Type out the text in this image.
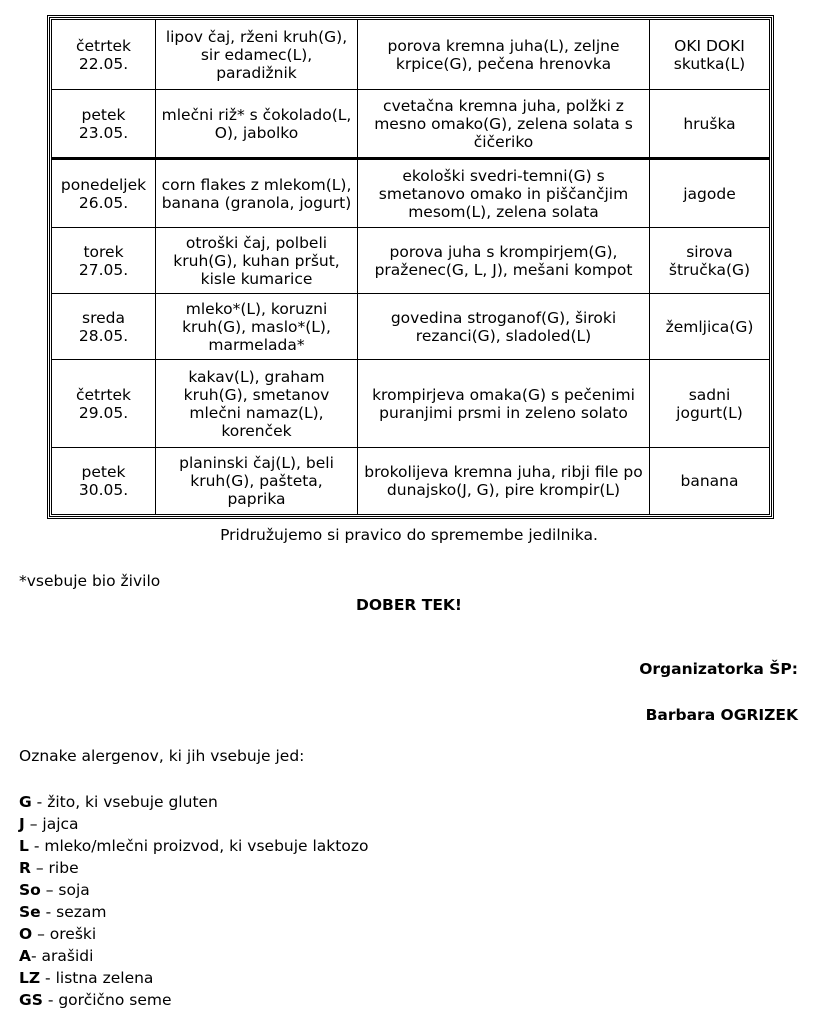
četrtek
22.05.	lipov čaj, rženi kruh(G), sir edamec(L), paradižnik	porova kremna juha(L), zeljne krpice(G), pečena hrenovka	OKI DOKI skutka(L)

petek
23.05.	mlečni riž* s čokolado(L, O), jabolko	cvetačna kremna juha, polžki z mesno omako(G), zelena solata s čičeriko	hruška

ponedeljek
26.05.	corn flakes z mlekom(L), banana (granola, jogurt)	ekološki svedri-temni(G) s smetanovo omako in piščančjim mesom(L), zelena solata	jagode

torek
27.05.	otroški čaj, polbeli kruh(G), kuhan pršut, kisle kumarice	porova juha s krompirjem(G), praženec(G, L, J), mešani kompot	sirova štručka(G)

sreda
28.05.	mleko*(L), koruzni kruh(G), maslo*(L), marmelada*	govedina stroganof(G), široki rezanci(G), sladoled(L)	žemljica(G)

četrtek
29.05.	kakav(L), graham kruh(G), smetanov mlečni namaz(L), korenček	krompirjeva omaka(G) s pečenimi puranjimi prsmi in zeleno solato	sadni jogurt(L)

petek
30.05.	planinski čaj(L), beli kruh(G), pašteta, paprika	brokolijeva kremna juha, ribji file po dunajsko(J, G), pire krompir(L)	banana
Pridružujemo si pravico do spremembe jedilnika.
*vsebuje bio živilo
DOBER TEK!
Organizatorka ŠP:
Barbara OGRIZEK
Oznake alergenov, ki jih vsebuje jed:
G - žito, ki vsebuje gluten
J – jajca
L - mleko/mlečni proizvod, ki vsebuje laktozo
R – ribe
So – soja
Se - sezam
O – oreški
A- arašidi
LZ - listna zelena
GS - gorčično seme
